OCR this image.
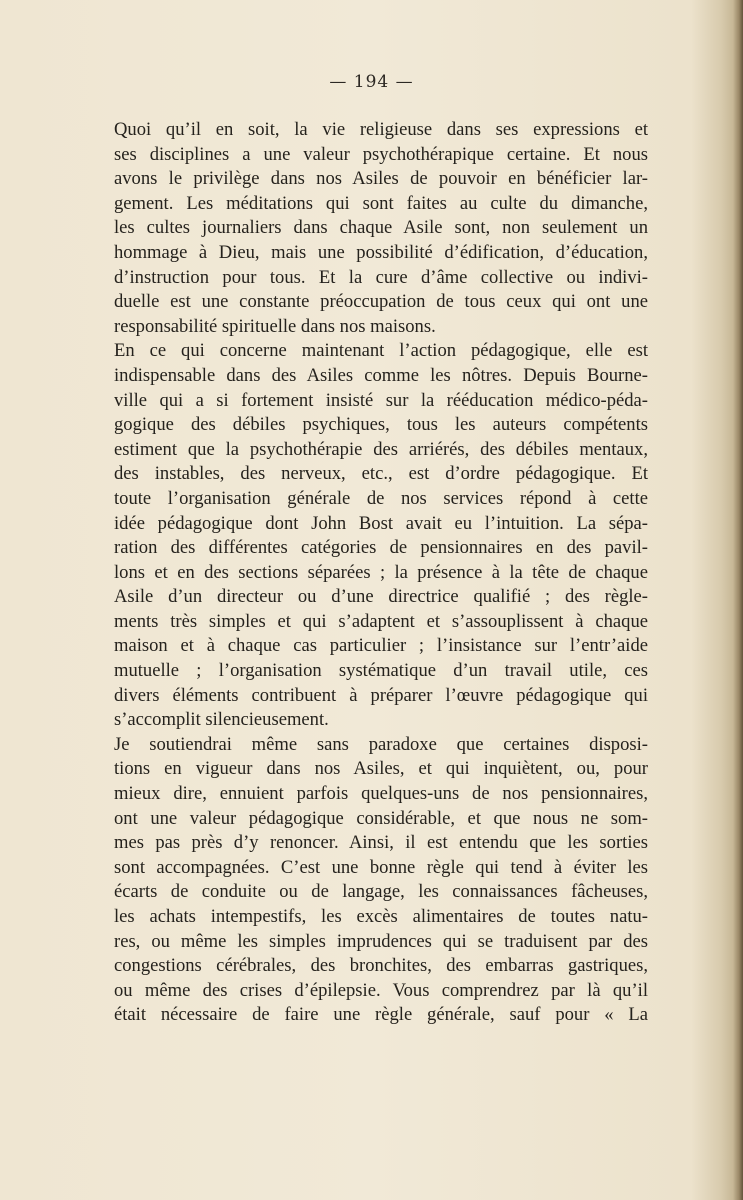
— 194 —
Quoi qu’il en soit, la vie religieuse dans ses expressions et
ses disciplines a une valeur psychothérapique certaine. Et nous
avons le privilège dans nos Asiles de pouvoir en bénéficier lar-
gement. Les méditations qui sont faites au culte du dimanche,
les cultes journaliers dans chaque Asile sont, non seulement un
hommage à Dieu, mais une possibilité d’édification, d’éducation,
d’instruction pour tous. Et la cure d’âme collective ou indivi-
duelle est une constante préoccupation de tous ceux qui ont une
responsabilité spirituelle dans nos maisons.
En ce qui concerne maintenant l’action pédagogique, elle est
indispensable dans des Asiles comme les nôtres. Depuis Bourne-
ville qui a si fortement insisté sur la rééducation médico-péda-
gogique des débiles psychiques, tous les auteurs compétents
estiment que la psychothérapie des arriérés, des débiles mentaux,
des instables, des nerveux, etc., est d’ordre pédagogique. Et
toute l’organisation générale de nos services répond à cette
idée pédagogique dont John Bost avait eu l’intuition. La sépa-
ration des différentes catégories de pensionnaires en des pavil-
lons et en des sections séparées ; la présence à la tête de chaque
Asile d’un directeur ou d’une directrice qualifié ; des règle-
ments très simples et qui s’adaptent et s’assouplissent à chaque
maison et à chaque cas particulier ; l’insistance sur l’entr’aide
mutuelle ; l’organisation systématique d’un travail utile, ces
divers éléments contribuent à préparer l’œuvre pédagogique qui
s’accomplit silencieusement.
Je soutiendrai même sans paradoxe que certaines disposi-
tions en vigueur dans nos Asiles, et qui inquiètent, ou, pour
mieux dire, ennuient parfois quelques-uns de nos pensionnaires,
ont une valeur pédagogique considérable, et que nous ne som-
mes pas près d’y renoncer. Ainsi, il est entendu que les sorties
sont accompagnées. C’est une bonne règle qui tend à éviter les
écarts de conduite ou de langage, les connaissances fâcheuses,
les achats intempestifs, les excès alimentaires de toutes natu-
res, ou même les simples imprudences qui se traduisent par des
congestions cérébrales, des bronchites, des embarras gastriques,
ou même des crises d’épilepsie. Vous comprendrez par là qu’il
était nécessaire de faire une règle générale, sauf pour « La
